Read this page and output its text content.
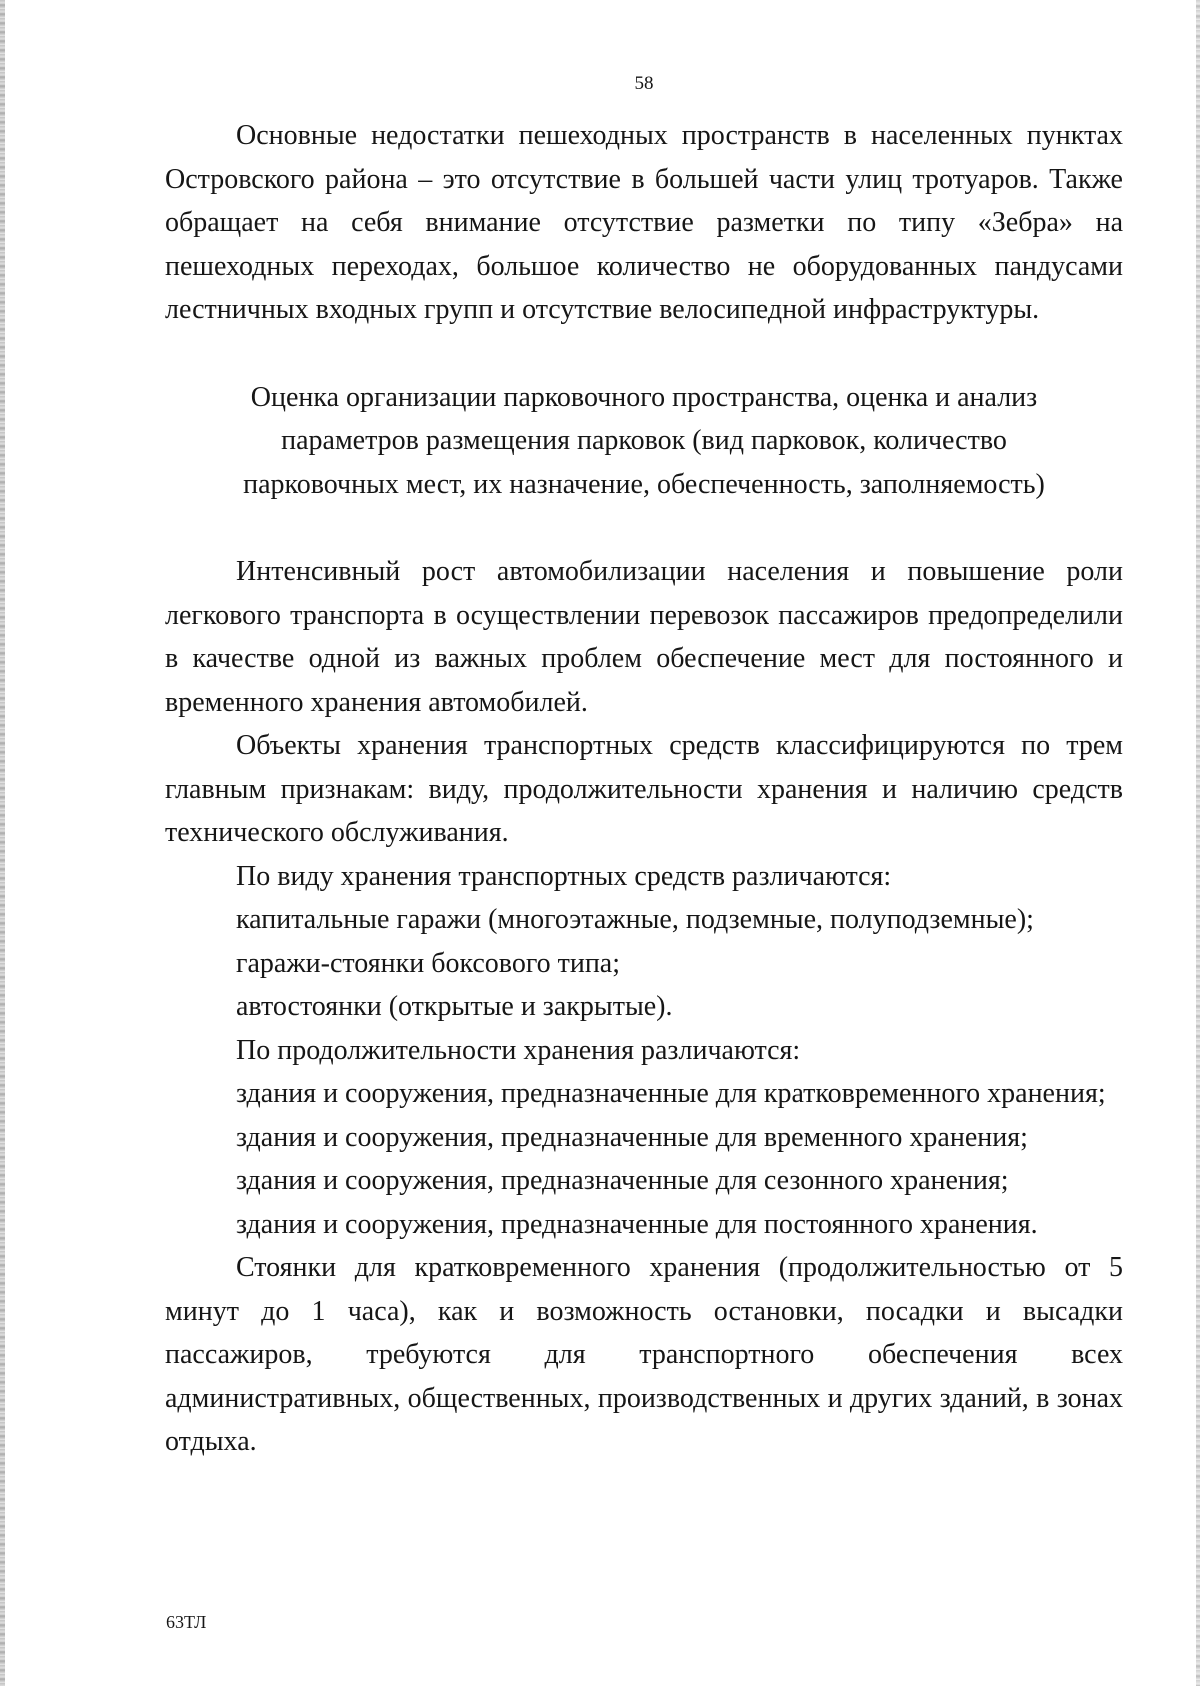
58

Основные недостатки пешеходных пространств в населенных пунктах Островского района – это отсутствие в большей части улиц тротуаров. Также обращает на себя внимание отсутствие разметки по типу «Зебра» на пешеходных переходах, большое количество не оборудованных пандусами лестничных входных групп и отсутствие велосипедной инфраструктуры.

Оценка организации парковочного пространства, оценка и анализ
параметров размещения парковок (вид парковок, количество
парковочных мест, их назначение, обеспеченность, заполняемость)

Интенсивный рост автомобилизации населения и повышение роли легкового транспорта в осуществлении перевозок пассажиров предопределили в качестве одной из важных проблем обеспечение мест для постоянного и временного хранения автомобилей.

Объекты хранения транспортных средств классифицируются по трем главным признакам: виду, продолжительности хранения и наличию средств технического обслуживания.

По виду хранения транспортных средств различаются:

капитальные гаражи (многоэтажные, подземные, полуподземные);

гаражи-стоянки боксового типа;

автостоянки (открытые и закрытые).

По продолжительности хранения различаются:

здания и сооружения, предназначенные для кратковременного хранения;

здания и сооружения, предназначенные для временного хранения;

здания и сооружения, предназначенные для сезонного хранения;

здания и сооружения, предназначенные для постоянного хранения.

Стоянки для кратковременного хранения (продолжительностью от 5 минут до 1 часа), как и возможность остановки, посадки и высадки пассажиров, требуются для транспортного обеспечения всех административных, общественных, производственных и других зданий, в зонах отдыха.

63ТЛ
